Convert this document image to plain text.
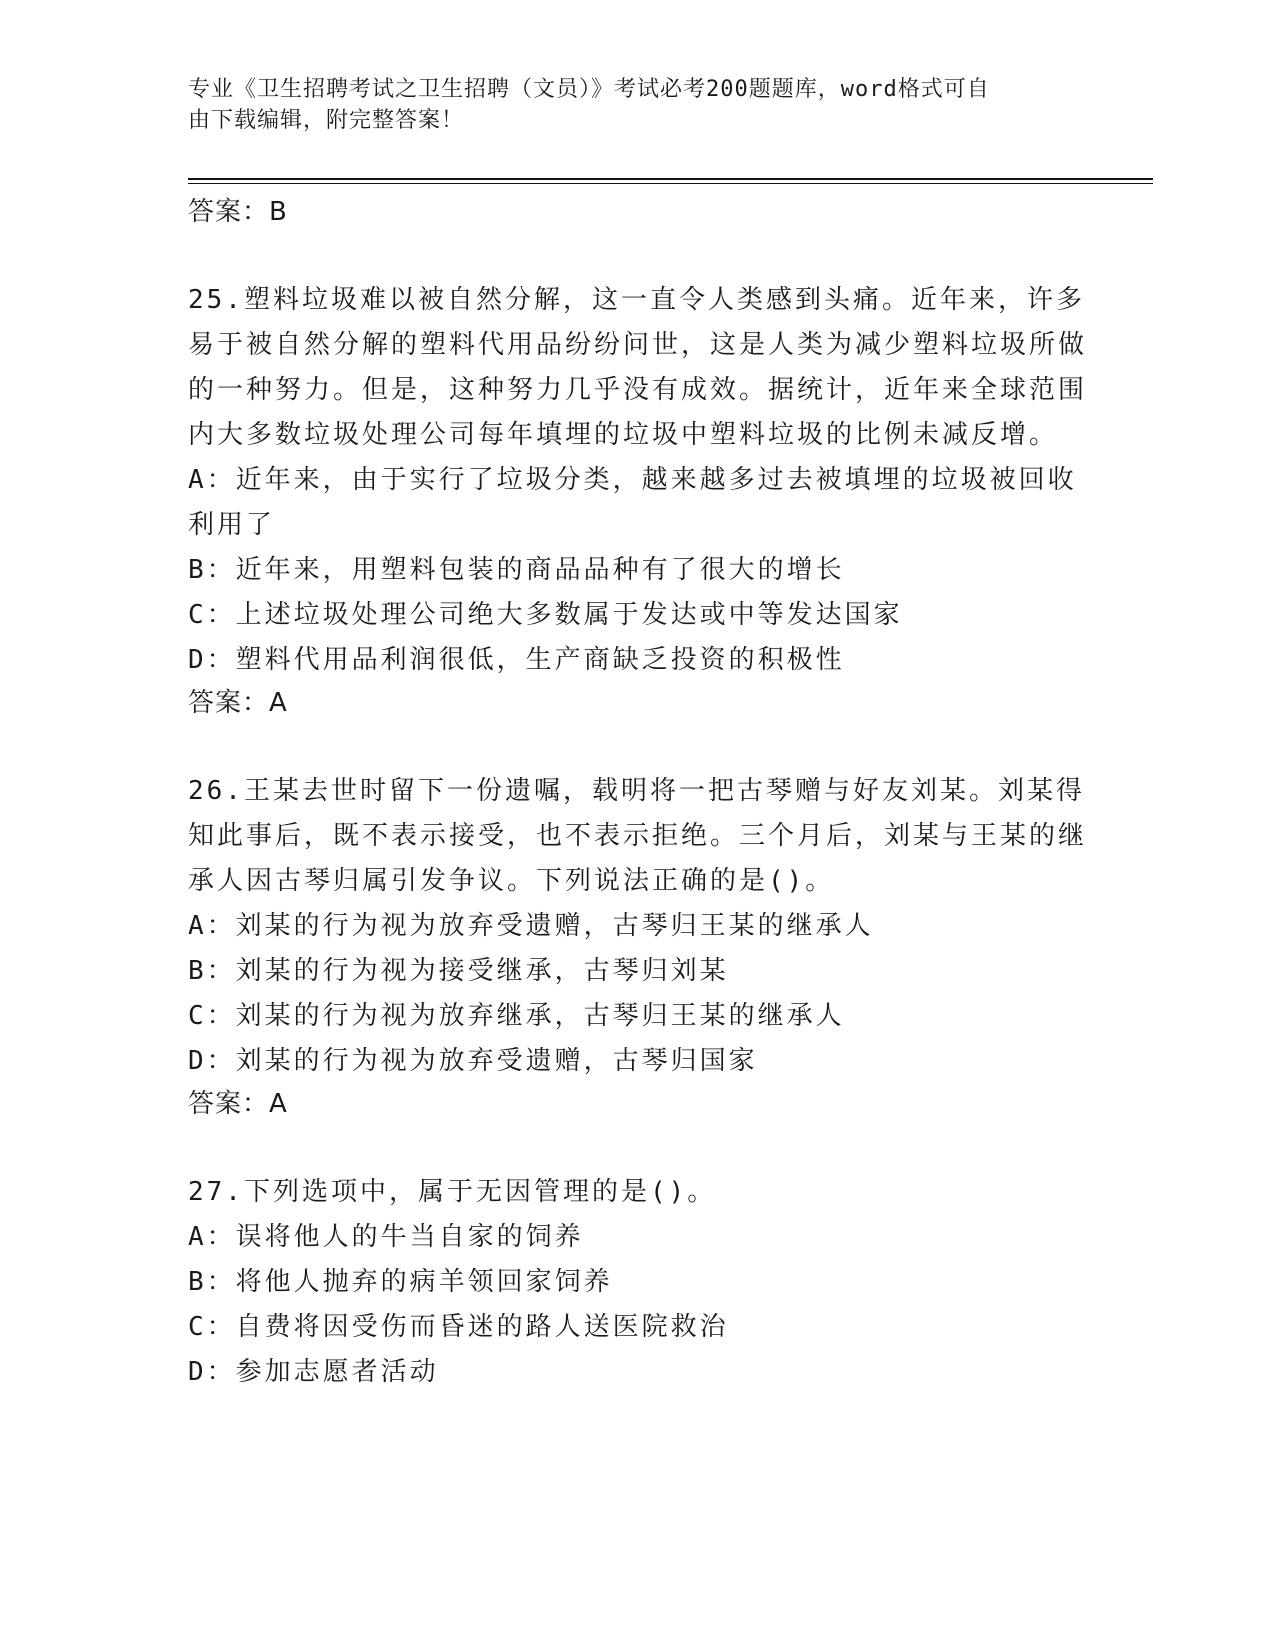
专业《卫生招聘考试之卫生招聘（文员）》考试必考200题题库，word格式可自
由下载编辑，附完整答案！
答案：B
25.塑料垃圾难以被自然分解，这一直令人类感到头痛。近年来，许多易于被自然分解的塑料代用品纷纷问世，这是人类为减少塑料垃圾所做的一种努力。但是，这种努力几乎没有成效。据统计，近年来全球范围内大多数垃圾处理公司每年填埋的垃圾中塑料垃圾的比例未减反增。
A：近年来，由于实行了垃圾分类，越来越多过去被填埋的垃圾被回收利用了
B：近年来，用塑料包装的商品品种有了很大的增长
C：上述垃圾处理公司绝大多数属于发达或中等发达国家
D：塑料代用品利润很低，生产商缺乏投资的积极性
答案：A
26.王某去世时留下一份遗嘱，载明将一把古琴赠与好友刘某。刘某得知此事后，既不表示接受，也不表示拒绝。三个月后，刘某与王某的继承人因古琴归属引发争议。下列说法正确的是()。
A：刘某的行为视为放弃受遗赠，古琴归王某的继承人
B：刘某的行为视为接受继承，古琴归刘某
C：刘某的行为视为放弃继承，古琴归王某的继承人
D：刘某的行为视为放弃受遗赠，古琴归国家
答案：A
27.下列选项中，属于无因管理的是()。
A：误将他人的牛当自家的饲养
B：将他人抛弃的病羊领回家饲养
C：自费将因受伤而昏迷的路人送医院救治
D：参加志愿者活动
